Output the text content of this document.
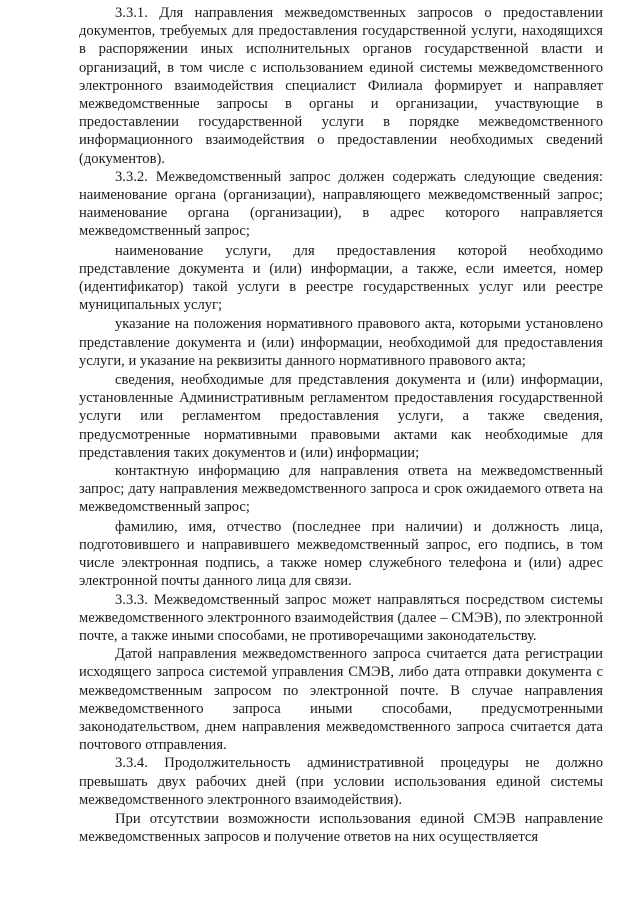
3.3.1. Для направления межведомственных запросов о предоставлении документов, требуемых для предоставления государственной услуги, находящихся в распоряжении иных исполнительных органов государственной власти и организаций, в том числе с использованием единой системы межведомственного электронного взаимодействия специалист Филиала формирует и направляет межведомственные запросы в органы и организации, участвующие в предоставлении государственной услуги в порядке межведомственного информационного взаимодействия о предоставлении необходимых сведений (документов).

3.3.2. Межведомственный запрос должен содержать следующие сведения: наименование органа (организации), направляющего межведомственный запрос; наименование органа (организации), в адрес которого направляется межведомственный запрос;

наименование услуги, для предоставления которой необходимо представление документа и (или) информации, а также, если имеется, номер (идентификатор) такой услуги в реестре государственных услуг или реестре муниципальных услуг;

указание на положения нормативного правового акта, которыми установлено представление документа и (или) информации, необходимой для предоставления услуги, и указание на реквизиты данного нормативного правового акта;

сведения, необходимые для представления документа и (или) информации, установленные Административным регламентом предоставления государственной услуги или регламентом предоставления услуги, а также сведения, предусмотренные нормативными правовыми актами как необходимые для представления таких документов и (или) информации;

контактную информацию для направления ответа на межведомственный запрос; дату направления межведомственного запроса и срок ожидаемого ответа на межведомственный запрос;

фамилию, имя, отчество (последнее при наличии) и должность лица, подготовившего и направившего межведомственный запрос, его подпись, в том числе электронная подпись, а также номер служебного телефона и (или) адрес электронной почты данного лица для связи.

3.3.3. Межведомственный запрос может направляться посредством системы межведомственного электронного взаимодействия (далее – СМЭВ), по электронной почте, а также иными способами, не противоречащими законодательству.

Датой направления межведомственного запроса считается дата регистрации исходящего запроса системой управления СМЭВ, либо дата отправки документа с межведомственным запросом по электронной почте. В случае направления межведомственного запроса иными способами, предусмотренными законодательством, днем направления межведомственного запроса считается дата почтового отправления.

3.3.4. Продолжительность административной процедуры не должно превышать двух рабочих дней (при условии использования единой системы межведомственного электронного взаимодействия).

При отсутствии возможности использования единой СМЭВ направление межведомственных запросов и получение ответов на них осуществляется
